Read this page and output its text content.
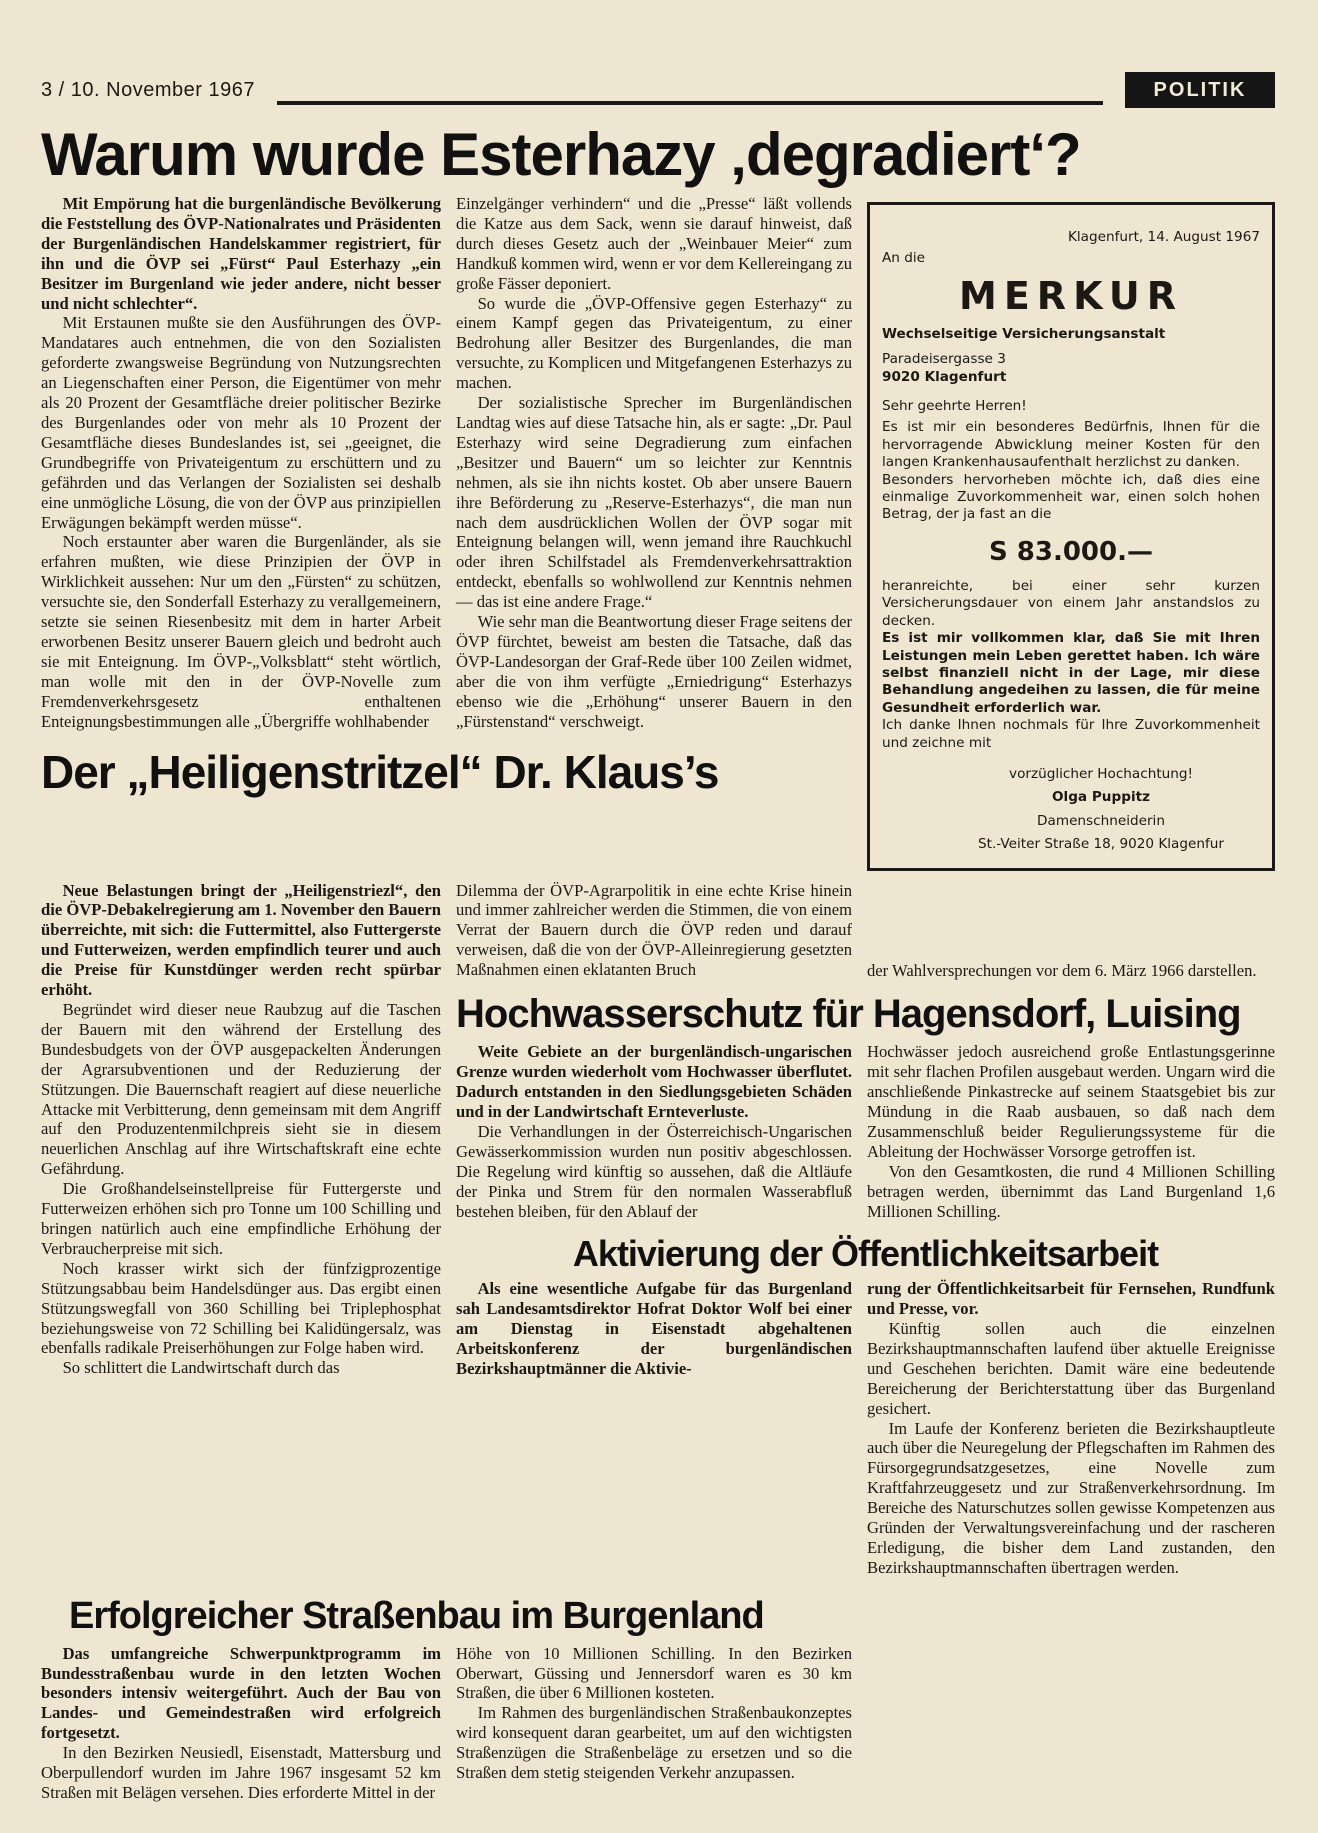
3 / 10. November 1967	POLITIK
Warum wurde Esterhazy ‚degradiert‘?

Mit Empörung hat die burgenländische Bevölkerung die Feststellung des ÖVP-Nationalrates und Präsidenten der Burgenländischen Handelskammer registriert, für ihn und die ÖVP sei „Fürst“ Paul Esterhazy „ein Besitzer im Burgenland wie jeder andere, nicht besser und nicht schlechter“.

Mit Erstaunen mußte sie den Ausführungen des ÖVP-Mandatares auch entnehmen, die von den Sozialisten geforderte zwangsweise Begründung von Nutzungsrechten an Liegenschaften einer Person, die Eigentümer von mehr als 20 Prozent der Gesamtfläche dreier politischer Bezirke des Burgenlandes oder von mehr als 10 Prozent der Gesamtfläche dieses Bundeslandes ist, sei „geeignet, die Grundbegriffe von Privateigentum zu erschüttern und zu gefährden und das Verlangen der Sozialisten sei deshalb eine unmögliche Lösung, die von der ÖVP aus prinzipiellen Erwägungen bekämpft werden müsse“.

Noch erstaunter aber waren die Burgenländer, als sie erfahren mußten, wie diese Prinzipien der ÖVP in Wirklichkeit aussehen: Nur um den „Fürsten“ zu schützen, versuchte sie, den Sonderfall Esterhazy zu verallgemeinern, setzte sie seinen Riesenbesitz mit dem in harter Arbeit erworbenen Besitz unserer Bauern gleich und bedroht auch sie mit Enteignung. Im ÖVP-„Volksblatt“ steht wörtlich, man wolle mit den in der ÖVP-Novelle zum Fremdenverkehrsgesetz enthaltenen Enteignungsbestimmungen alle „Übergriffe wohlhabender

Einzelgänger verhindern“ und die „Presse“ läßt vollends die Katze aus dem Sack, wenn sie darauf hinweist, daß durch dieses Gesetz auch der „Weinbauer Meier“ zum Handkuß kommen wird, wenn er vor dem Kellereingang zu große Fässer deponiert.

So wurde die „ÖVP-Offensive gegen Esterhazy“ zu einem Kampf gegen das Privateigentum, zu einer Bedrohung aller Besitzer des Burgenlandes, die man versuchte, zu Komplicen und Mitgefangenen Esterhazys zu machen.

Der sozialistische Sprecher im Burgenländischen Landtag wies auf diese Tatsache hin, als er sagte: „Dr. Paul Esterhazy wird seine Degradierung zum einfachen „Besitzer und Bauern“ um so leichter zur Kenntnis nehmen, als sie ihn nichts kostet. Ob aber unsere Bauern ihre Beförderung zu „Reserve-Esterhazys“, die man nun nach dem ausdrücklichen Wollen der ÖVP sogar mit Enteignung belangen will, wenn jemand ihre Rauchkuchl oder ihren Schilfstadel als Fremdenverkehrsattraktion entdeckt, ebenfalls so wohlwollend zur Kenntnis nehmen — das ist eine andere Frage.“

Wie sehr man die Beantwortung dieser Frage seitens der ÖVP fürchtet, beweist am besten die Tatsache, daß das ÖVP-Landesorgan der Graf-Rede über 100 Zeilen widmet, aber die von ihm verfügte „Erniedrigung“ Esterhazys ebenso wie die „Erhöhung“ unserer Bauern in den „Fürstenstand“ verschweigt.

Der „Heiligenstritzel“ Dr. Klaus’s
Klagenfurt, 14. August 1967
An die
MERKUR
Wechselseitige Versicherungsanstalt
Paradeisergasse 3
9020 Klagenfurt
Sehr geehrte Herren!
Es ist mir ein besonderes Bedürfnis, Ihnen für die hervorragende Abwicklung meiner Kosten für den langen Krankenhausaufenthalt herzlichst zu danken.
Besonders hervorheben möchte ich, daß dies eine einmalige Zuvorkommenheit war, einen solch hohen Betrag, der ja fast an die
S 83.000.—
heranreichte, bei einer sehr kurzen Versicherungsdauer von einem Jahr anstandslos zu decken.
Es ist mir vollkommen klar, daß Sie mit Ihren Leistungen mein Leben gerettet haben. Ich wäre selbst finanziell nicht in der Lage, mir diese Behandlung angedeihen zu lassen, die für meine Gesundheit erforderlich war.
Ich danke Ihnen nochmals für Ihre Zuvorkommenheit und zeichne mit
vorzüglicher Hochachtung!
Olga Puppitz
Damenschneiderin
St.-Veiter Straße 18, 9020 Klagenfur

Neue Belastungen bringt der „Heiligenstriezl“, den die ÖVP-Debakelregierung am 1. November den Bauern überreichte, mit sich: die Futtermittel, also Futtergerste und Futterweizen, werden empfindlich teurer und auch die Preise für Kunstdünger werden recht spürbar erhöht.

Begründet wird dieser neue Raubzug auf die Taschen der Bauern mit den während der Erstellung des Bundesbudgets von der ÖVP ausgepackelten Änderungen der Agrarsubventionen und der Reduzierung der Stützungen. Die Bauernschaft reagiert auf diese neuerliche Attacke mit Verbitterung, denn gemeinsam mit dem Angriff auf den Produzentenmilchpreis sieht sie in diesem neuerlichen Anschlag auf ihre Wirtschaftskraft eine echte Gefährdung.

Die Großhandelseinstellpreise für Futtergerste und Futterweizen erhöhen sich pro Tonne um 100 Schilling und bringen natürlich auch eine empfindliche Erhöhung der Verbraucherpreise mit sich.

Noch krasser wirkt sich der fünfzigprozentige Stützungsabbau beim Handelsdünger aus. Das ergibt einen Stützungswegfall von 360 Schilling bei Triplephosphat beziehungsweise von 72 Schilling bei Kalidüngersalz, was ebenfalls radikale Preiserhöhungen zur Folge haben wird.

So schlittert die Landwirtschaft durch das

Dilemma der ÖVP-Agrarpolitik in eine echte Krise hinein und immer zahlreicher werden die Stimmen, die von einem Verrat der Bauern durch die ÖVP reden und darauf verweisen, daß die von der ÖVP-Alleinregierung gesetzten Maßnahmen einen eklatanten Bruch	der Wahlversprechungen vor dem 6. März 1966 darstellen.

Hochwasserschutz für Hagensdorf, Luising

Weite Gebiete an der burgenländisch-ungarischen Grenze wurden wiederholt vom Hochwasser überflutet. Dadurch entstanden in den Siedlungsgebieten Schäden und in der Landwirtschaft Ernteverluste.

Die Verhandlungen in der Österreichisch-Ungarischen Gewässerkommission wurden nun positiv abgeschlossen. Die Regelung wird künftig so aussehen, daß die Altläufe der Pinka und Strem für den normalen Wasserabfluß bestehen bleiben, für den Ablauf der

Hochwässer jedoch ausreichend große Entlastungsgerinne mit sehr flachen Profilen ausgebaut werden. Ungarn wird die anschließende Pinkastrecke auf seinem Staatsgebiet bis zur Mündung in die Raab ausbauen, so daß nach dem Zusammenschluß beider Regulierungssysteme für die Ableitung der Hochwässer Vorsorge getroffen ist.

Von den Gesamtkosten, die rund 4 Millionen Schilling betragen werden, übernimmt das Land Burgenland 1,6 Millionen Schilling.

Aktivierung der Öffentlichkeitsarbeit

Als eine wesentliche Aufgabe für das Burgenland sah Landesamtsdirektor Hofrat Doktor Wolf bei einer am Dienstag in Eisenstadt abgehaltenen Arbeitskonferenz der burgenländischen Bezirkshauptmänner die Aktivie-

rung der Öffentlichkeitsarbeit für Fernsehen, Rundfunk und Presse, vor.

Künftig sollen auch die einzelnen Bezirkshauptmannschaften laufend über aktuelle Ereignisse und Geschehen berichten. Damit wäre eine bedeutende Bereicherung der Berichterstattung über das Burgenland gesichert.

Im Laufe der Konferenz berieten die Bezirkshauptleute auch über die Neuregelung der Pflegschaften im Rahmen des Fürsorgegrundsatzgesetzes, eine Novelle zum Kraftfahrzeuggesetz und zur Straßenverkehrsordnung. Im Bereiche des Naturschutzes sollen gewisse Kompetenzen aus Gründen der Verwaltungsvereinfachung und der rascheren Erledigung, die bisher dem Land zustanden, den Bezirkshauptmannschaften übertragen werden.

Erfolgreicher Straßenbau im Burgenland

Das umfangreiche Schwerpunktprogramm im Bundesstraßenbau wurde in den letzten Wochen besonders intensiv weitergeführt. Auch der Bau von Landes- und Gemeindestraßen wird erfolgreich fortgesetzt.

In den Bezirken Neusiedl, Eisenstadt, Mattersburg und Oberpullendorf wurden im Jahre 1967 insgesamt 52 km Straßen mit Belägen versehen. Dies erforderte Mittel in der

Höhe von 10 Millionen Schilling. In den Bezirken Oberwart, Güssing und Jennersdorf waren es 30 km Straßen, die über 6 Millionen kosteten.

Im Rahmen des burgenländischen Straßenbaukonzeptes wird konsequent daran gearbeitet, um auf den wichtigsten Straßenzügen die Straßenbeläge zu ersetzen und so die Straßen dem stetig steigenden Verkehr anzupassen.
